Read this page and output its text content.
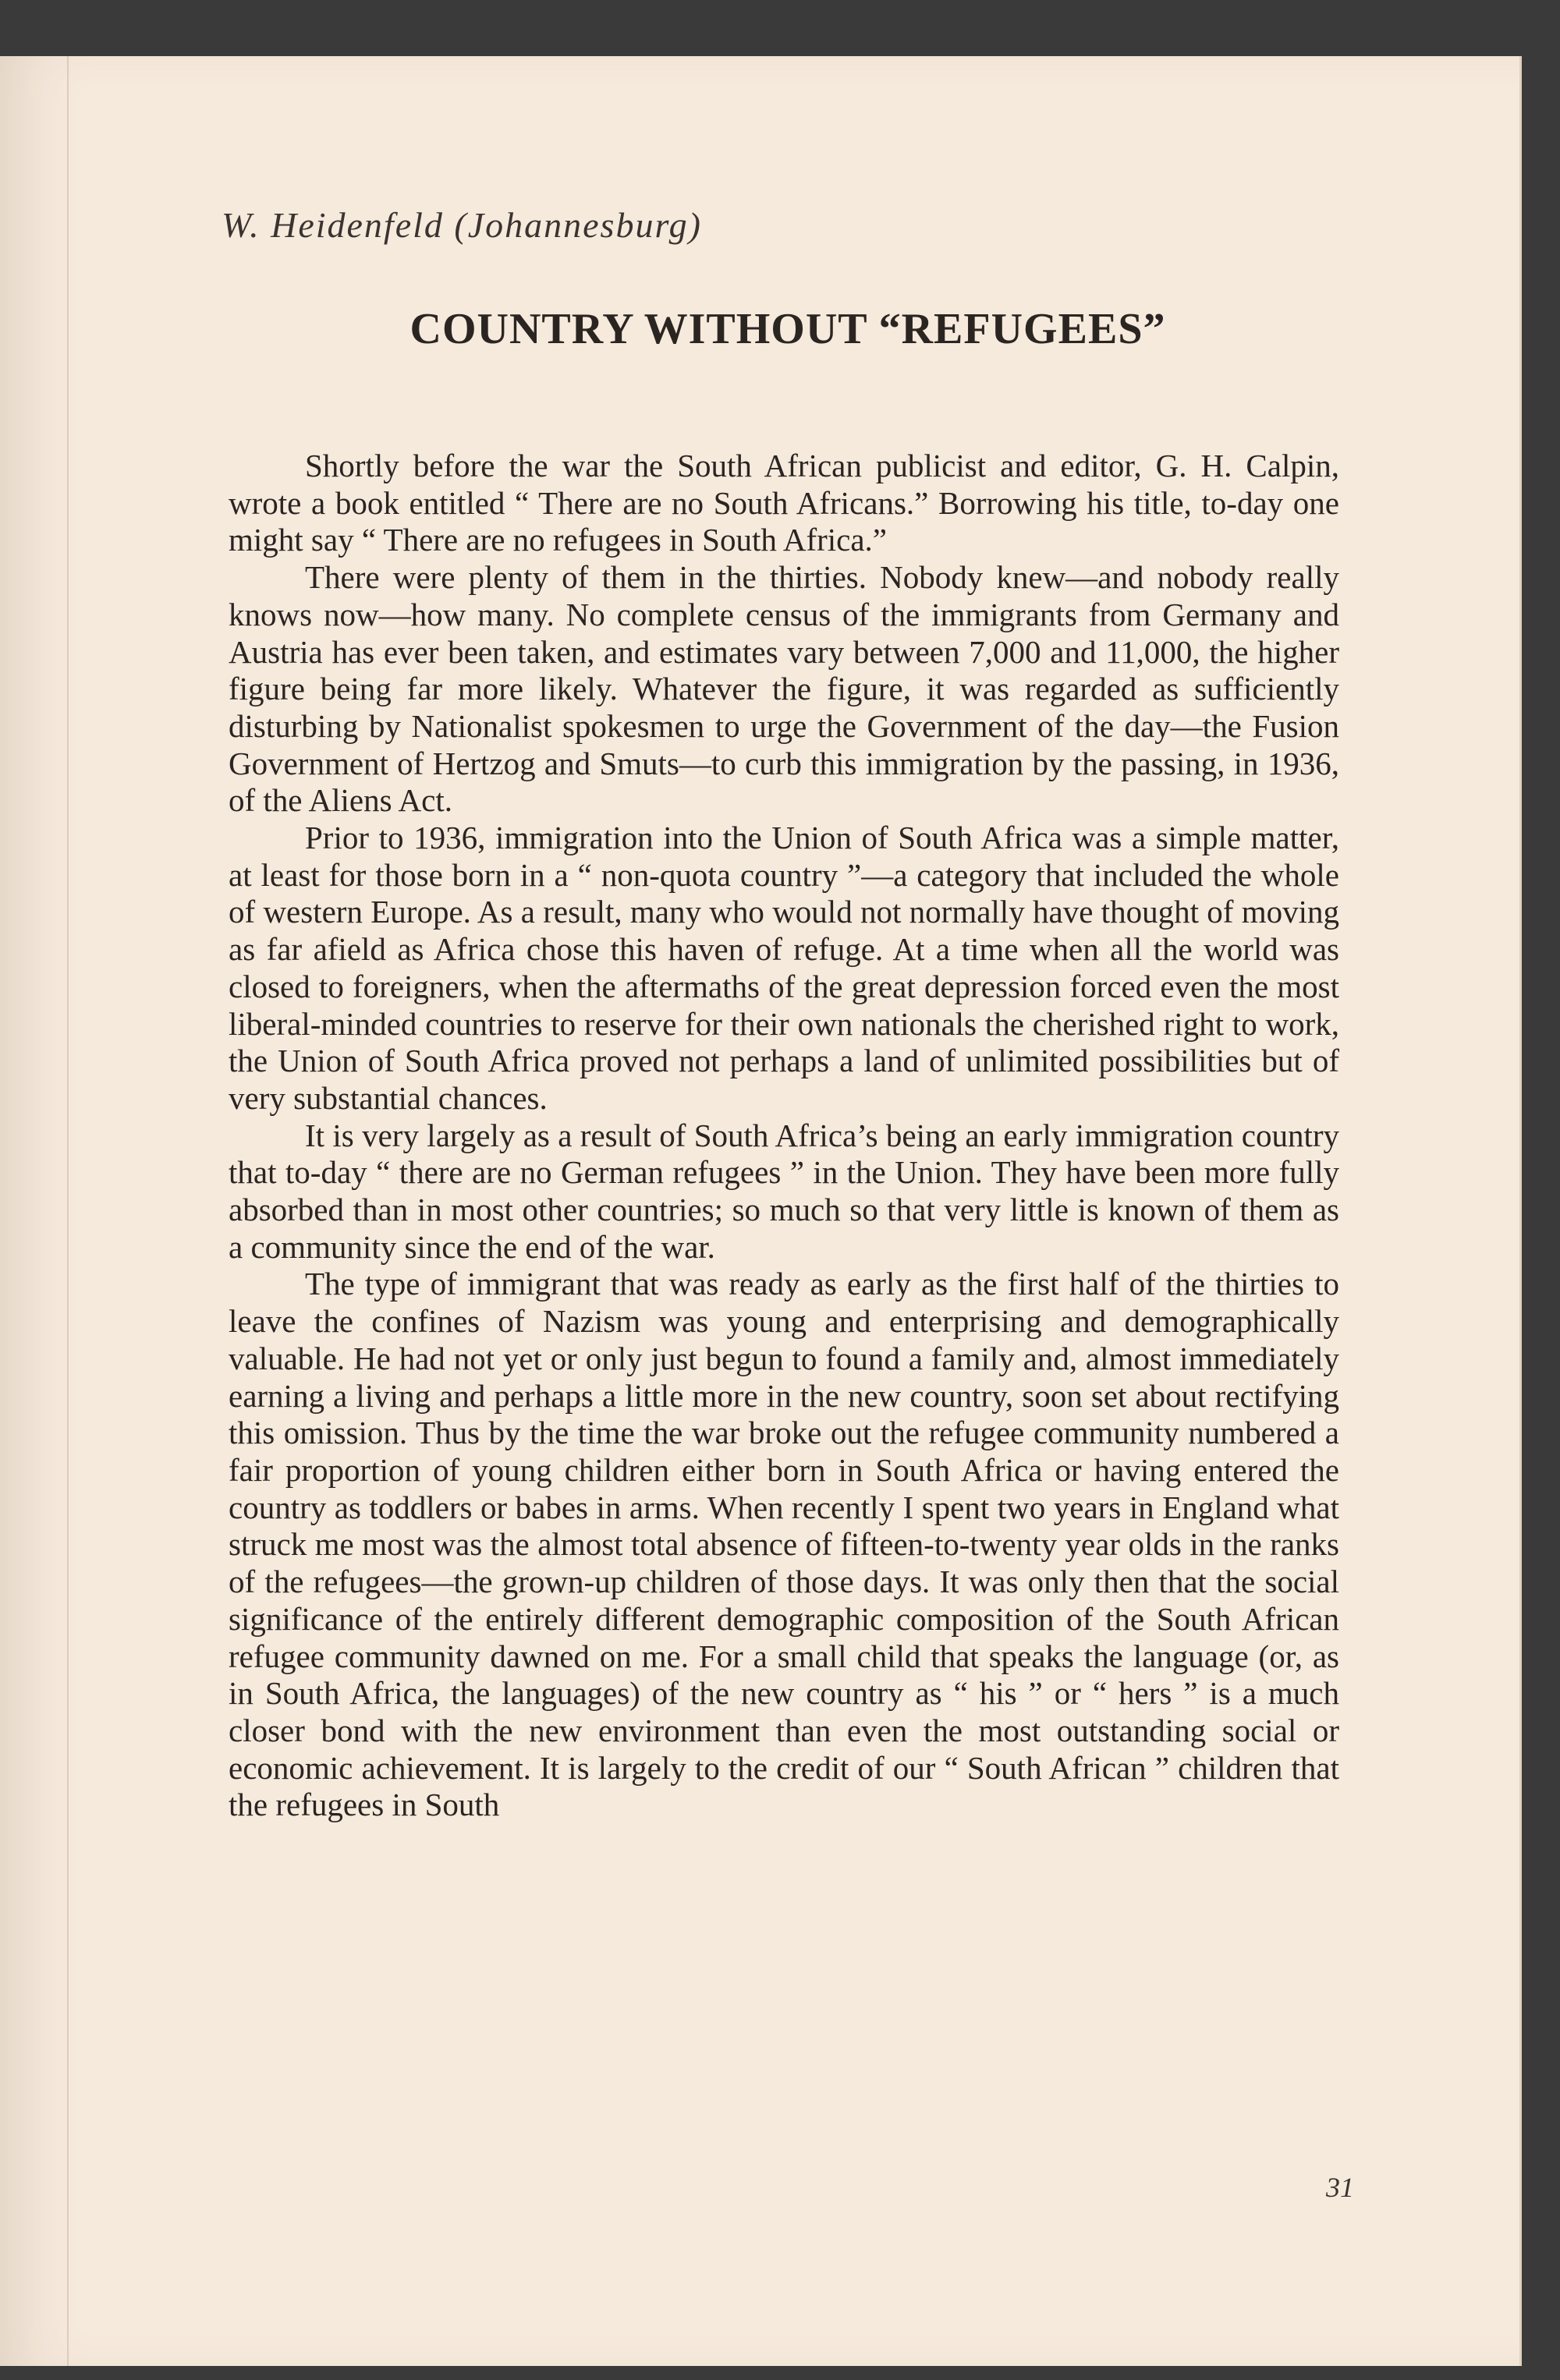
W. Heidenfeld (Johannesburg)
COUNTRY WITHOUT “REFUGEES”

Shortly before the war the South African publicist and editor, G. H. Calpin, wrote a book entitled “ There are no South Africans.” Borrowing his title, to-day one might say “ There are no refugees in South Africa.”

There were plenty of them in the thirties. Nobody knew—and nobody really knows now—how many. No complete census of the immigrants from Germany and Austria has ever been taken, and estimates vary between 7,000 and 11,000, the higher figure being far more likely. Whatever the figure, it was regarded as sufficiently disturbing by Nationalist spokesmen to urge the Government of the day—the Fusion Government of Hertzog and Smuts—to curb this immigration by the passing, in 1936, of the Aliens Act.

Prior to 1936, immigration into the Union of South Africa was a simple matter, at least for those born in a “ non-quota country ”—a category that included the whole of western Europe. As a result, many who would not normally have thought of moving as far afield as Africa chose this haven of refuge. At a time when all the world was closed to foreigners, when the aftermaths of the great depression forced even the most liberal-minded countries to reserve for their own nationals the cherished right to work, the Union of South Africa proved not perhaps a land of unlimited possibilities but of very substantial chances.

It is very largely as a result of South Africa’s being an early immigration country that to-day “ there are no German refugees ” in the Union. They have been more fully absorbed than in most other countries; so much so that very little is known of them as a community since the end of the war.

The type of immigrant that was ready as early as the first half of the thirties to leave the confines of Nazism was young and enterprising and demographically valuable. He had not yet or only just begun to found a family and, almost immediately earning a living and perhaps a little more in the new country, soon set about rectifying this omission. Thus by the time the war broke out the refugee community numbered a fair proportion of young children either born in South Africa or having entered the country as toddlers or babes in arms. When recently I spent two years in England what struck me most was the almost total absence of fifteen-to-twenty year olds in the ranks of the refugees—the grown-up children of those days. It was only then that the social significance of the entirely different demographic composition of the South African refugee community dawned on me. For a small child that speaks the language (or, as in South Africa, the languages) of the new country as “ his ” or “ hers ” is a much closer bond with the new environment than even the most outstanding social or economic achievement. It is largely to the credit of our “ South African ” children that the refugees in South

31
